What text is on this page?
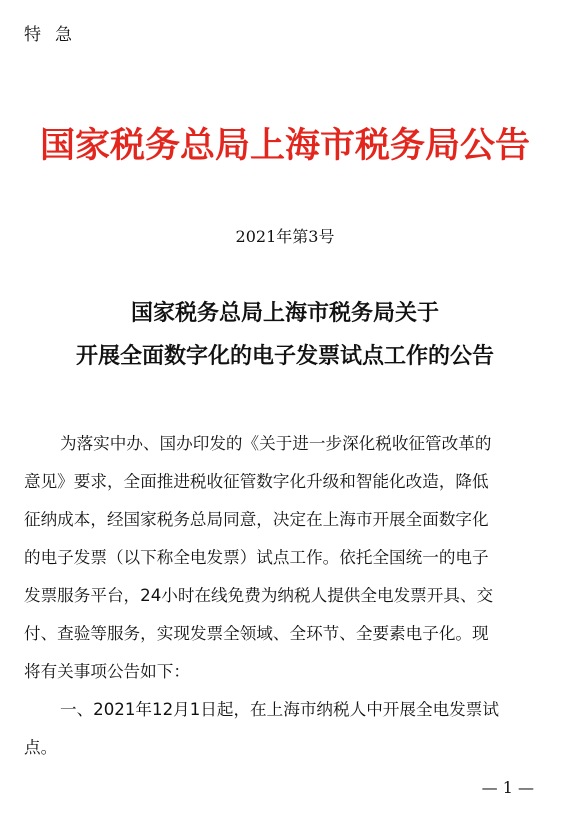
特急
国家税务总局上海市税务局公告
2021年第3号
国家税务总局上海市税务局关于
开展全面数字化的电子发票试点工作的公告
为落实中办、国办印发的《关于进一步深化税收征管改革的
意见》要求，全面推进税收征管数字化升级和智能化改造，降低
征纳成本，经国家税务总局同意，决定在上海市开展全面数字化
的电子发票（以下称全电发票）试点工作。依托全国统一的电子
发票服务平台，24小时在线免费为纳税人提供全电发票开具、交
付、查验等服务，实现发票全领域、全环节、全要素电子化。现
将有关事项公告如下：
一、2021年12月1日起，在上海市纳税人中开展全电发票试
点。
— 1 —
